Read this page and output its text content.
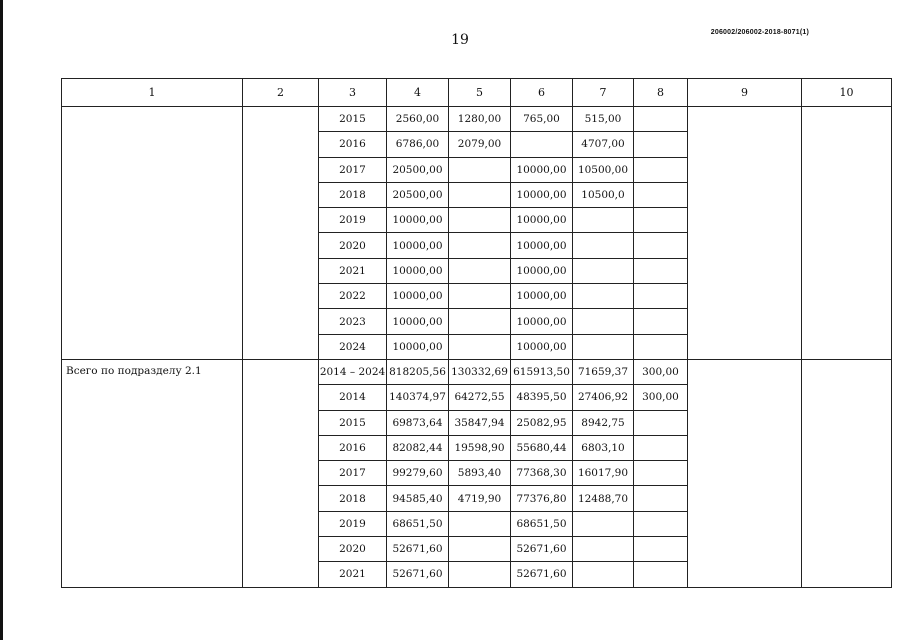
19	206002/206002-2018-8071(1)
1	2	3	4	5	6	7	8	9	10
		2015	2560,00	1280,00	765,00	515,00			
		2016	6786,00	2079,00		4707,00			
		2017	20500,00		10000,00	10500,00			
		2018	20500,00		10000,00	10500,0			
		2019	10000,00		10000,00				
		2020	10000,00		10000,00				
		2021	10000,00		10000,00				
		2022	10000,00		10000,00				
		2023	10000,00		10000,00				
		2024	10000,00		10000,00				

Всего по подразделу 2.1		2014 – 2024	818205,56	130332,69	615913,50	71659,37	300,00		
		2014	140374,97	64272,55	48395,50	27406,92	300,00		
		2015	69873,64	35847,94	25082,95	8942,75			
		2016	82082,44	19598,90	55680,44	6803,10			
		2017	99279,60	5893,40	77368,30	16017,90			
		2018	94585,40	4719,90	77376,80	12488,70			
		2019	68651,50		68651,50				
		2020	52671,60		52671,60				
		2021	52671,60		52671,60				
